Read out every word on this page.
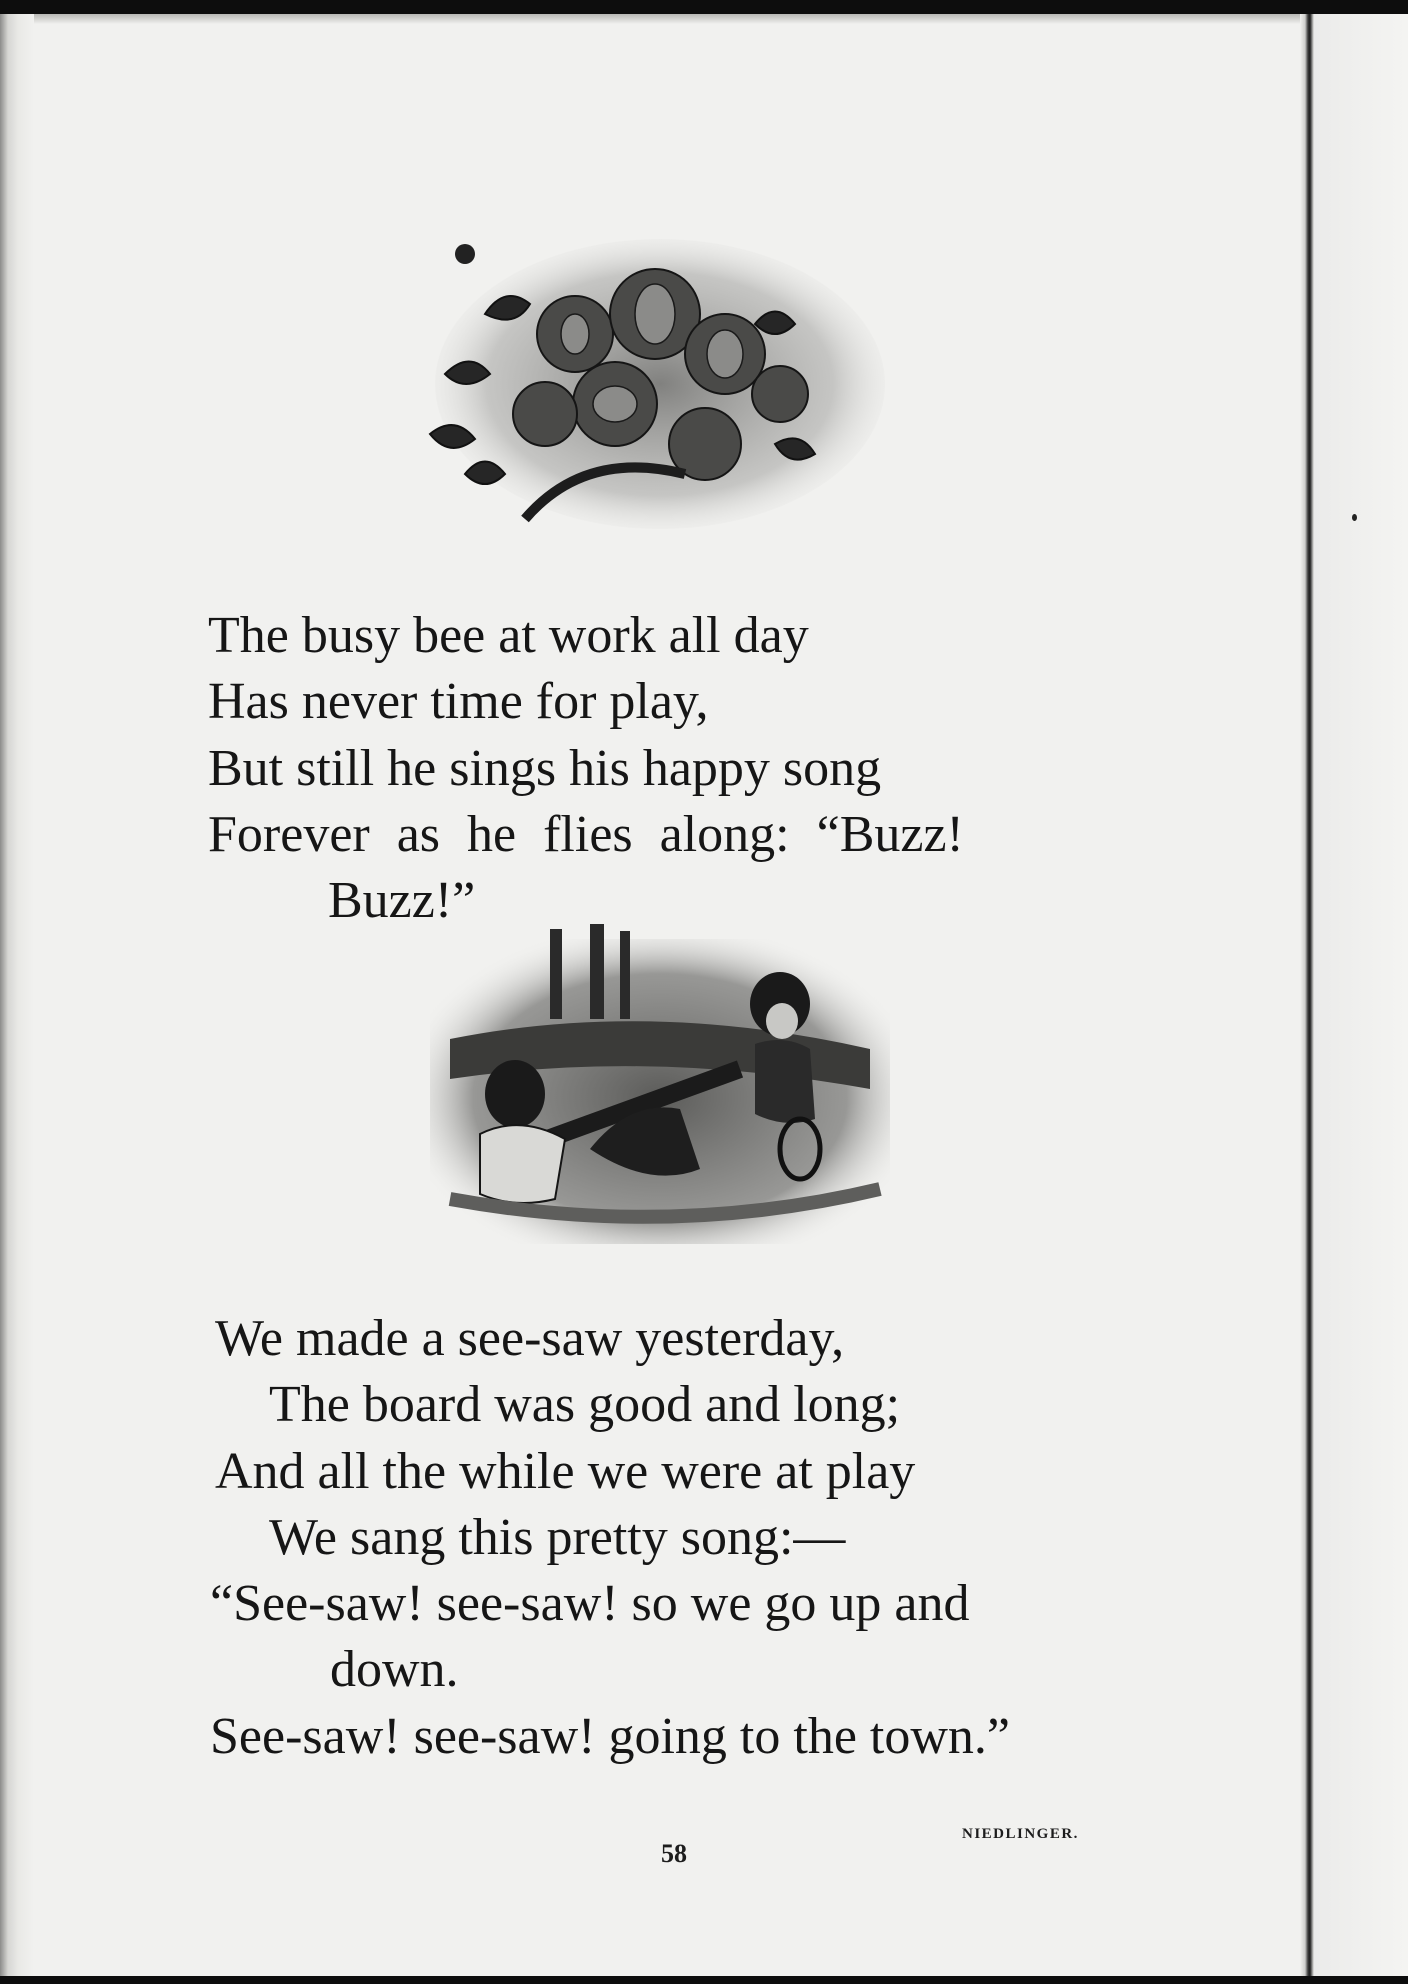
The busy bee at work all day
Has never time for play,
But still he sings his happy song
Forever as he flies along: “Buzz!
Buzz!”
We made a see-saw yesterday,
The board was good and long;
And all the while we were at play
We sang this pretty song:—
“See-saw! see-saw! so we go up and
down.
See-saw! see-saw! going to the town.”
NIEDLINGER.
58
